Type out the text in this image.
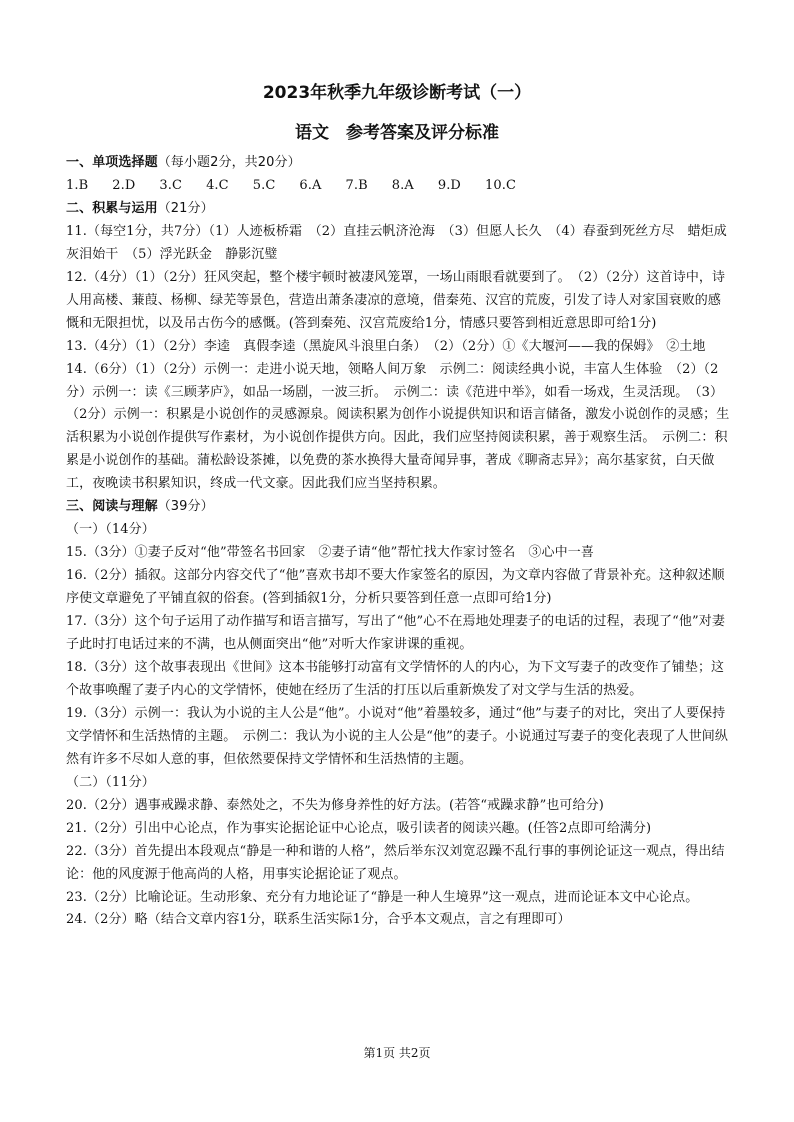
2023年秋季九年级诊断考试（一）
语文　参考答案及评分标准

一、单项选择题（每小题2分，共20分）

1.B 2.D 3.C 4.C 5.C 6.A 7.B 8.A 9.D 10.C

二、积累与运用（21分）

11.（每空1分，共7分）（1）人迹板桥霜　（2）直挂云帆济沧海　（3）但愿人长久　（4）春蚕到死丝方尽　蜡炬成灰泪始干　（5）浮光跃金　静影沉璧

12.（4分）（1）（2分）狂风突起，整个楼宇顿时被凄风笼罩，一场山雨眼看就要到了。　（2）（2分）这首诗中，诗人用高楼、蒹葭、杨柳、绿芜等景色，营造出萧条凄凉的意境，借秦苑、汉宫的荒废，引发了诗人对家国衰败的感慨和无限担忧，以及吊古伤今的感慨。(答到秦苑、汉宫荒废给1分，情感只要答到相近意思即可给1分)

13.（4分）（1）（2分）李逵　真假李逵（黑旋风斗浪里白条）　（2）（2分）①《大堰河——我的保姆》　②土地

14.（6分）（1）（2分）示例一：走进小说天地，领略人间万象　示例二：阅读经典小说，丰富人生体验　（2）（2分）示例一：读《三顾茅庐》，如品一场剧，一波三折。　示例二：读《范进中举》，如看一场戏，生灵活现。　（3）（2分）示例一：积累是小说创作的灵感源泉。阅读积累为创作小说提供知识和语言储备，激发小说创作的灵感；生活积累为小说创作提供写作素材，为小说创作提供方向。因此，我们应坚持阅读积累，善于观察生活。　示例二：积累是小说创作的基础。蒲松龄设茶摊，以免费的茶水换得大量奇闻异事，著成《聊斋志异》；高尔基家贫，白天做工，夜晚读书积累知识，终成一代文豪。因此我们应当坚持积累。

三、阅读与理解（39分）

（一）（14分）

15.（3分）①妻子反对“他”带签名书回家　②妻子请“他”帮忙找大作家讨签名　③心中一喜

16.（2分）插叙。这部分内容交代了“他”喜欢书却不要大作家签名的原因，为文章内容做了背景补充。这种叙述顺序使文章避免了平铺直叙的俗套。(答到插叙1分，分析只要答到任意一点即可给1分)

17.（3分）这个句子运用了动作描写和语言描写，写出了“他”心不在焉地处理妻子的电话的过程，表现了“他”对妻子此时打电话过来的不满，也从侧面突出“他”对听大作家讲课的重视。

18.（3分）这个故事表现出《世间》这本书能够打动富有文学情怀的人的内心，为下文写妻子的改变作了铺垫；这个故事唤醒了妻子内心的文学情怀，使她在经历了生活的打压以后重新焕发了对文学与生活的热爱。

19.（3分）示例一：我认为小说的主人公是“他”。小说对“他”着墨较多，通过“他”与妻子的对比，突出了人要保持文学情怀和生活热情的主题。　示例二：我认为小说的主人公是“他”的妻子。小说通过写妻子的变化表现了人世间纵然有许多不尽如人意的事，但依然要保持文学情怀和生活热情的主题。

（二）（11分）

20.（2分）遇事戒躁求静、泰然处之，不失为修身养性的好方法。(若答“戒躁求静”也可给分)

21.（2分）引出中心论点，作为事实论据论证中心论点，吸引读者的阅读兴趣。(任答2点即可给满分)

22.（3分）首先提出本段观点“静是一种和谐的人格”，然后举东汉刘宽忍躁不乱行事的事例论证这一观点，得出结论：他的风度源于他高尚的人格，用事实论据论证了观点。

23.（2分）比喻论证。生动形象、充分有力地论证了“静是一种人生境界”这一观点，进而论证本文中心论点。

24.（2分）略（结合文章内容1分，联系生活实际1分，合乎本文观点，言之有理即可）

第1页 共2页
